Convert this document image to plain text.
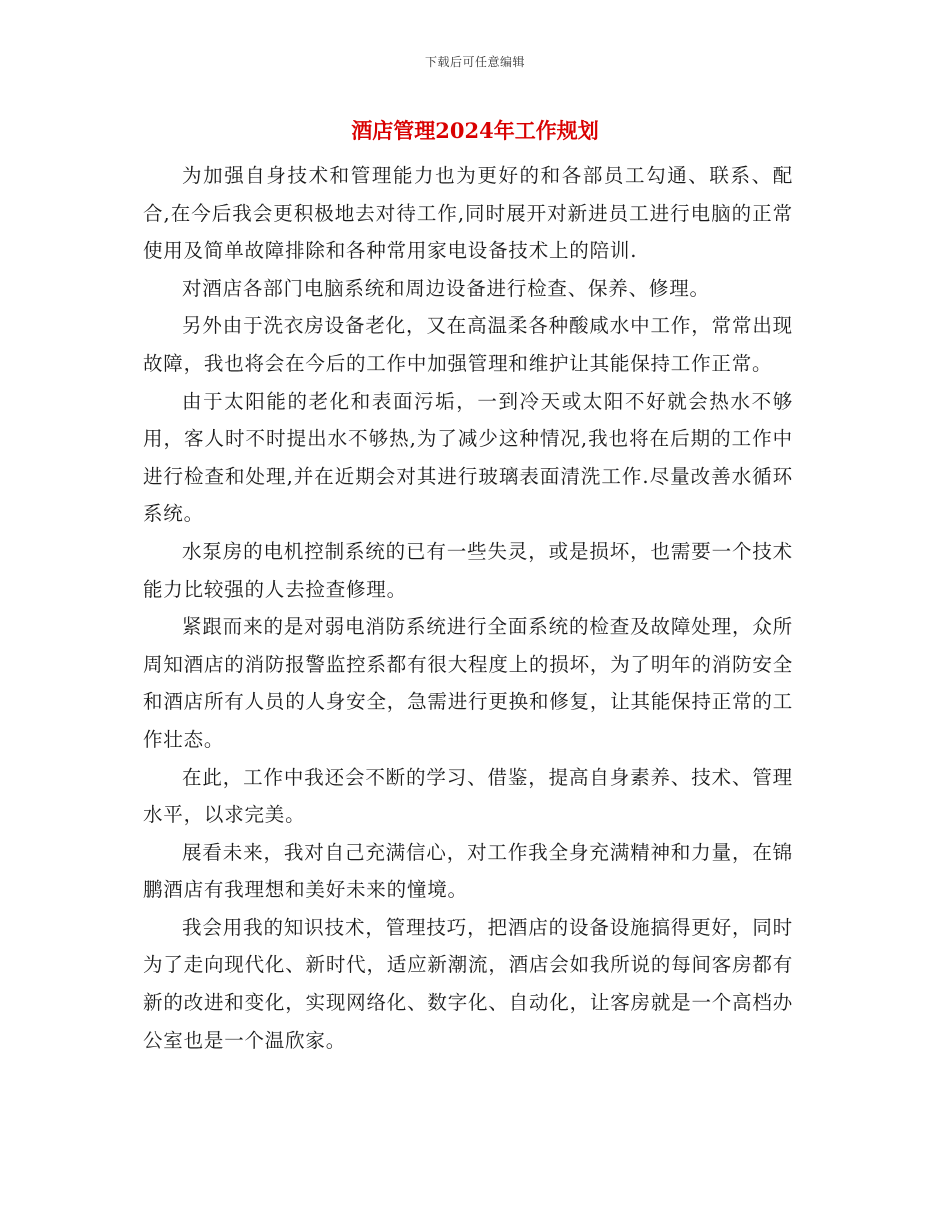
下载后可任意编辑
酒店管理2024年工作规划

为加强自身技术和管理能力也为更好的和各部员工勾通、联系、配合,在今后我会更积极地去对待工作,同时展开对新进员工进行电脑的正常使用及简单故障排除和各种常用家电设备技术上的陪训.

对酒店各部门电脑系统和周边设备进行检查、保养、修理。

另外由于洗衣房设备老化，又在高温柔各种酸咸水中工作，常常出现故障，我也将会在今后的工作中加强管理和维护让其能保持工作正常。

由于太阳能的老化和表面污垢，一到冷天或太阳不好就会热水不够用，客人时不时提出水不够热,为了减少这种情况,我也将在后期的工作中进行检查和处理,并在近期会对其进行玻璃表面清洗工作.尽量改善水循环系统。

水泵房的电机控制系统的已有一些失灵，或是损坏，也需要一个技术能力比较强的人去捡查修理。

紧跟而来的是对弱电消防系统进行全面系统的检查及故障处理，众所周知酒店的消防报警监控系都有很大程度上的损坏，为了明年的消防安全和酒店所有人员的人身安全，急需进行更换和修复，让其能保持正常的工作壮态。

在此，工作中我还会不断的学习、借鉴，提高自身素养、技术、管理水平，以求完美。

展看未来，我对自己充满信心，对工作我全身充满精神和力量，在锦鹏酒店有我理想和美好未来的憧境。

我会用我的知识技术，管理技巧，把酒店的设备设施搞得更好，同时为了走向现代化、新时代，适应新潮流，酒店会如我所说的每间客房都有新的改进和变化，实现网络化、数字化、自动化，让客房就是一个高档办公室也是一个温欣家。
